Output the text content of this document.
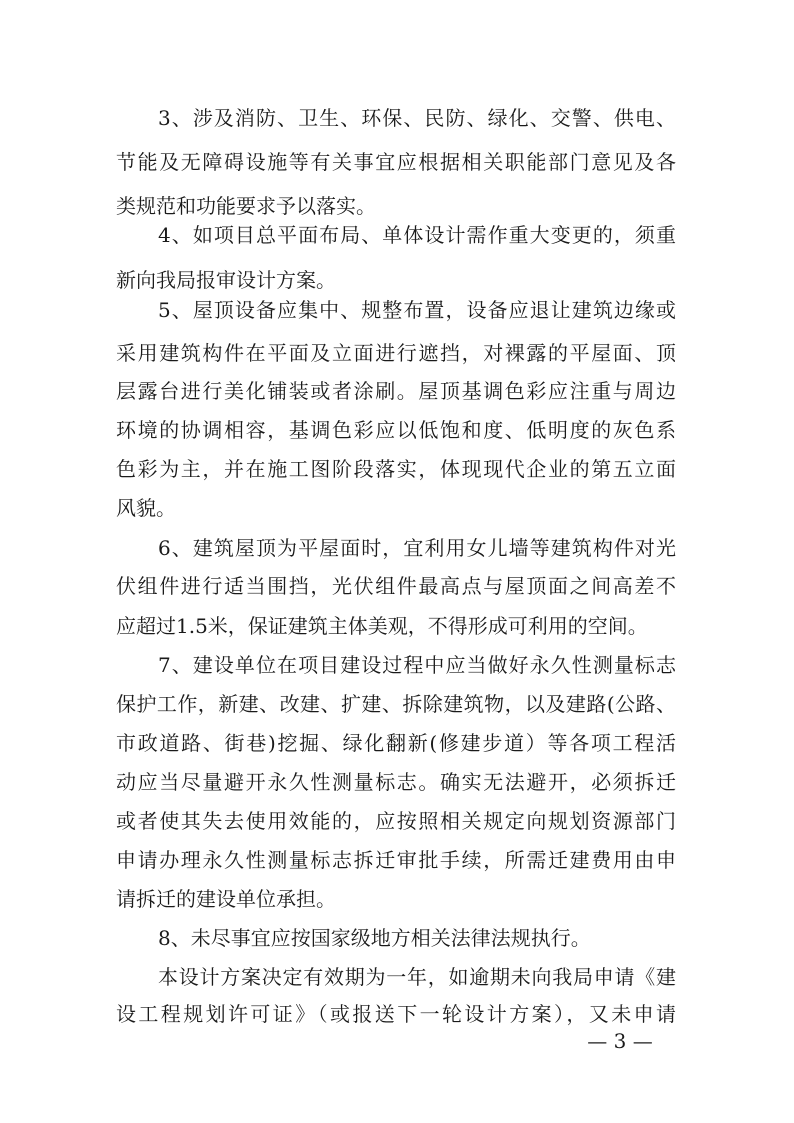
3、涉及消防、卫生、环保、民防、绿化、交警、供电、
节能及无障碍设施等有关事宜应根据相关职能部门意见及各
类规范和功能要求予以落实。
4、如项目总平面布局、单体设计需作重大变更的，须重
新向我局报审设计方案。
5、屋顶设备应集中、规整布置，设备应退让建筑边缘或
采用建筑构件在平面及立面进行遮挡，对裸露的平屋面、顶
层露台进行美化铺装或者涂刷。屋顶基调色彩应注重与周边
环境的协调相容，基调色彩应以低饱和度、低明度的灰色系
色彩为主，并在施工图阶段落实，体现现代企业的第五立面
风貌。
6、建筑屋顶为平屋面时，宜利用女儿墙等建筑构件对光
伏组件进行适当围挡，光伏组件最高点与屋顶面之间高差不
应超过1.5米，保证建筑主体美观，不得形成可利用的空间。
7、建设单位在项目建设过程中应当做好永久性测量标志
保护工作，新建、改建、扩建、拆除建筑物，以及建路(公路、
市政道路、街巷)挖掘、绿化翻新(修建步道）等各项工程活
动应当尽量避开永久性测量标志。确实无法避开，必须拆迁
或者使其失去使用效能的，应按照相关规定向规划资源部门
申请办理永久性测量标志拆迁审批手续，所需迁建费用由申
请拆迁的建设单位承担。
8、未尽事宜应按国家级地方相关法律法规执行。
本设计方案决定有效期为一年，如逾期未向我局申请《建
设工程规划许可证》（或报送下一轮设计方案），又未申请
— 3 —
